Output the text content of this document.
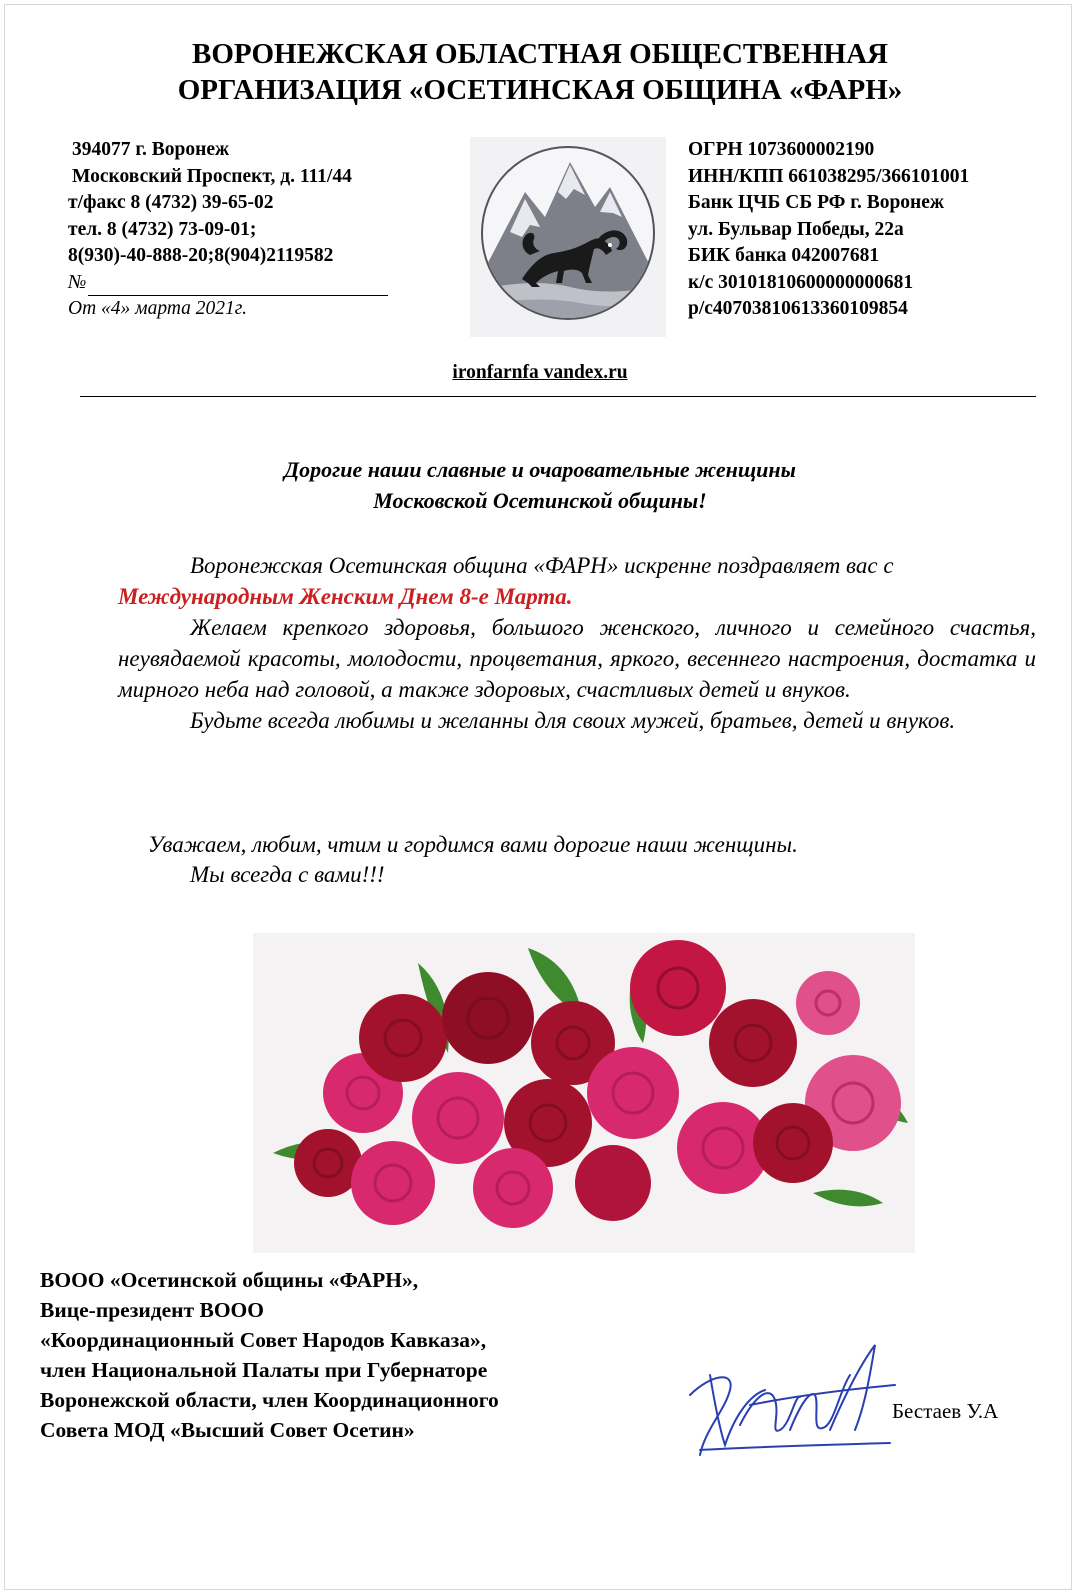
ВОРОНЕЖСКАЯ ОБЛАСТНАЯ ОБЩЕСТВЕННАЯ
ОРГАНИЗАЦИЯ «ОСЕТИНСКАЯ ОБЩИНА «ФАРН»
394077 г. Воронеж
Московский Проспект, д. 111/44
т/факс 8 (4732) 39-65-02
тел. 8 (4732) 73-09-01;
8(930)-40-888-20;8(904)2119582
№
От «4» марта 2021г.
ОГРН 1073600002190
ИНН/КПП 661038295/366101001
Банк ЦЧБ СБ РФ г. Воронеж
ул. Бульвар Победы, 22а
БИК банка 042007681
к/с 30101810600000000681
р/с40703810613360109854
ironfarnfa vandex.ru
Дорогие наши славные и очаровательные женщины
Московской Осетинской общины!

Воронежская Осетинская община «ФАРН» искренне поздравляет вас с
Международным Женским Днем 8-е Марта.

Желаем крепкого здоровья, большого женского, личного и семейного счастья, неувядаемой красоты, молодости, процветания, яркого, весеннего настроения, достатка и мирного неба над головой, а также здоровых, счастливых детей и внуков.

Будьте всегда любимы и желанны для своих мужей, братьев, детей и внуков.

Уважаем, любим, чтим и гордимся вами дорогие наши женщины.
Мы всегда с вами!!!
ВООО «Осетинской общины «ФАРН»,
Вице-президент ВООО
«Координационный Совет Народов Кавказа»,
член Национальной Палаты при Губернаторе
Воронежской области, член Координационного
Совета МОД «Высший Совет Осетин»
Бестаев У.А
